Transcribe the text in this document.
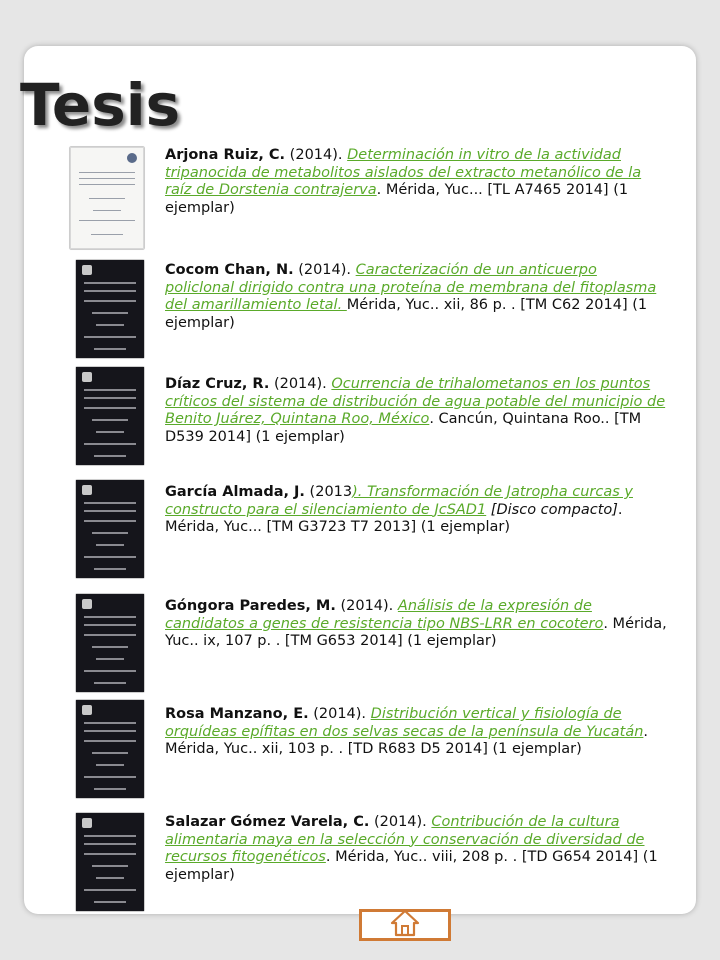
Tesis
Arjona Ruiz, C. (2014). Determinación in vitro de la actividad tripanocida de metabolitos aislados del extracto metanólico de la raíz de Dorstenia contrajerva. Mérida, Yuc... [TL A7465 2014] (1 ejemplar)
Cocom Chan, N. (2014). Caracterización de un anticuerpo policlonal dirigido contra una proteína de membrana del fitoplasma del amarillamiento letal. Mérida, Yuc.. xii, 86 p. . [TM C62 2014] (1 ejemplar)
Díaz Cruz, R. (2014). Ocurrencia de trihalometanos en los puntos críticos del sistema de distribución de agua potable del municipio de Benito Juárez, Quintana Roo, México. Cancún, Quintana Roo.. [TM D539 2014] (1 ejemplar)
García Almada, J. (2013). Transformación de Jatropha curcas y constructo para el silenciamiento de JcSAD1 [Disco compacto]. Mérida, Yuc... [TM G3723 T7 2013] (1 ejemplar)
Góngora Paredes, M. (2014). Análisis de la expresión de candidatos a genes de resistencia tipo NBS-LRR en cocotero. Mérida, Yuc.. ix, 107 p. . [TM G653 2014] (1 ejemplar)
Rosa Manzano, E. (2014). Distribución vertical y fisiología de orquídeas epífitas en dos selvas secas de la península de Yucatán. Mérida, Yuc.. xii, 103 p. . [TD R683 D5 2014] (1 ejemplar)
Salazar Gómez Varela, C. (2014). Contribución de la cultura alimentaria maya en la selección y conservación de diversidad de recursos fitogenéticos. Mérida, Yuc.. viii, 208 p. . [TD G654 2014] (1 ejemplar)
